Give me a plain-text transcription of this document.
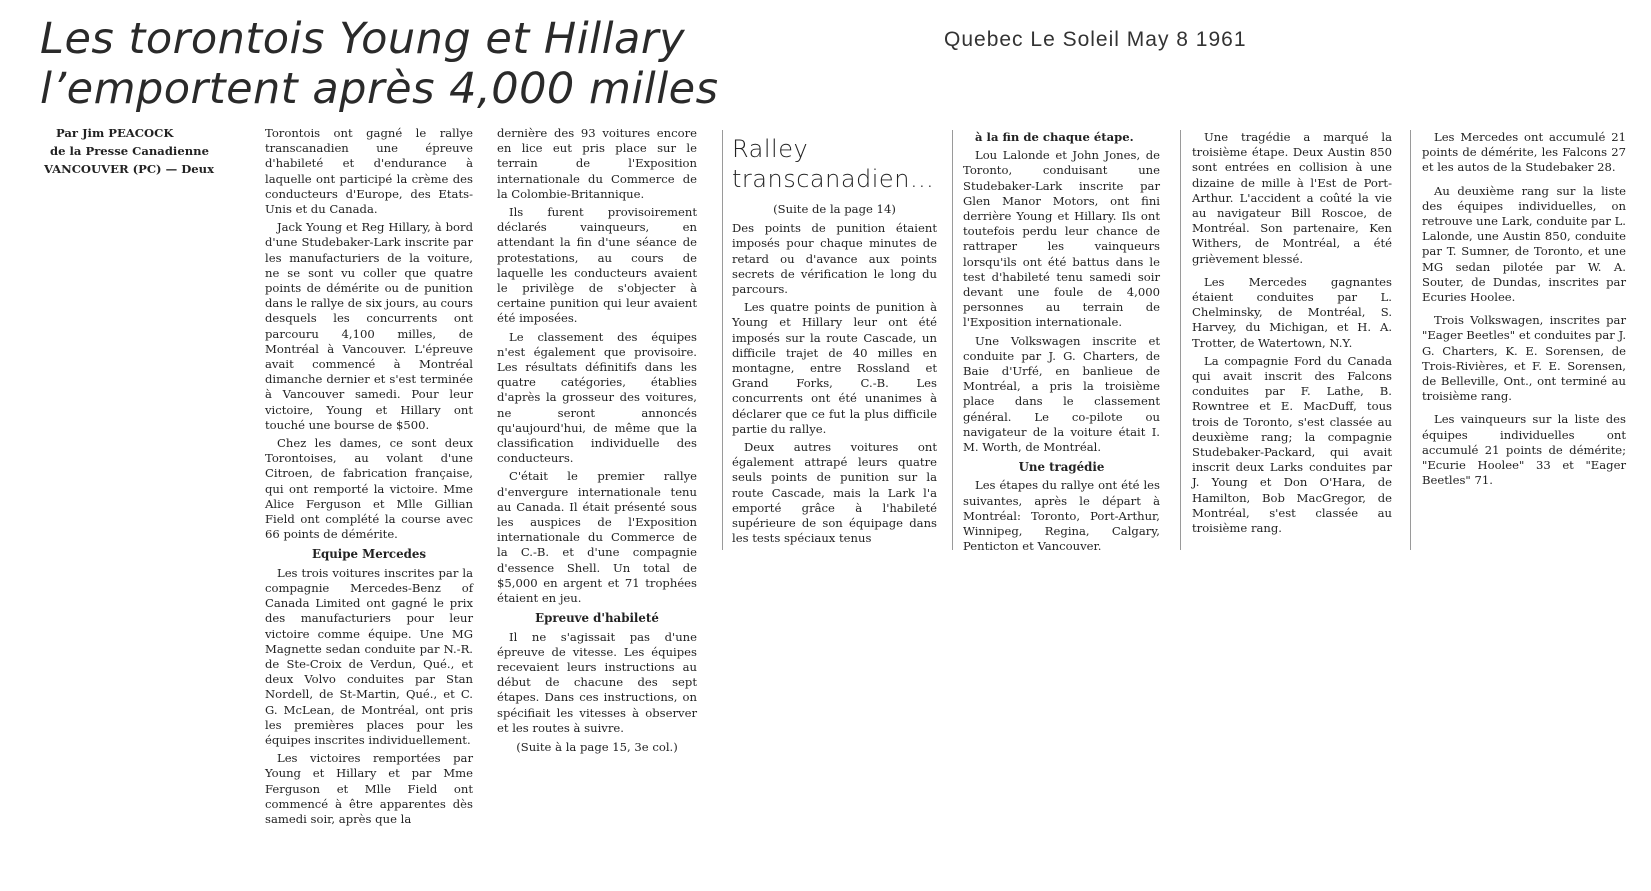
Les torontois Young et Hillary
l’emportent après 4,000 milles
Quebec Le Soleil May 8 1961

Par Jim PEACOCK

de la Presse Canadienne

VANCOUVER (PC) — Deux

Torontois ont gagné le rallye transcanadien une épreuve d'habileté et d'endurance à laquelle ont participé la crème des conducteurs d'Europe, des Etats-Unis et du Canada.

Jack Young et Reg Hillary, à bord d'une Studebaker-Lark inscrite par les manufacturiers de la voiture, ne se sont vu coller que quatre points de démérite ou de punition dans le rallye de six jours, au cours desquels les concurrents ont parcouru 4,100 milles, de Montréal à Vancouver. L'épreuve avait commencé à Montréal dimanche dernier et s'est terminée à Vancouver samedi. Pour leur victoire, Young et Hillary ont touché une bourse de $500.

Chez les dames, ce sont deux Torontoises, au volant d'une Citroen, de fabrication française, qui ont remporté la victoire. Mme Alice Ferguson et Mlle Gillian Field ont complété la course avec 66 points de démérite.

Equipe Mercedes

Les trois voitures inscrites par la compagnie Mercedes-Benz of Canada Limited ont gagné le prix des manufacturiers pour leur victoire comme équipe. Une MG Magnette sedan conduite par N.-R. de Ste-Croix de Verdun, Qué., et deux Volvo conduites par Stan Nordell, de St-Martin, Qué., et C. G. McLean, de Montréal, ont pris les premières places pour les équipes inscrites individuellement.

Les victoires remportées par Young et Hillary et par Mme Ferguson et Mlle Field ont commencé à être apparentes dès samedi soir, après que la

dernière des 93 voitures encore en lice eut pris place sur le terrain de l'Exposition internationale du Commerce de la Colombie-Britannique.

Ils furent provisoirement déclarés vainqueurs, en attendant la fin d'une séance de protestations, au cours de laquelle les conducteurs avaient le privilège de s'objecter à certaine punition qui leur avaient été imposées.

Le classement des équipes n'est également que provisoire. Les résultats définitifs dans les quatre catégories, établies d'après la grosseur des voitures, ne seront annoncés qu'aujourd'hui, de même que la classification individuelle des conducteurs.

C'était le premier rallye d'envergure internationale tenu au Canada. Il était présenté sous les auspices de l'Exposition internationale du Commerce de la C.-B. et d'une compagnie d'essence Shell. Un total de $5,000 en argent et 71 trophées étaient en jeu.

Epreuve d'habileté

Il ne s'agissait pas d'une épreuve de vitesse. Les équipes recevaient leurs instructions au début de chacune des sept étapes. Dans ces instructions, on spécifiait les vitesses à observer et les routes à suivre.

(Suite à la page 15, 3e col.)
Ralley
transcanadien…
(Suite de la page 14)

Des points de punition étaient imposés pour chaque minutes de retard ou d'avance aux points secrets de vérification le long du parcours.

Les quatre points de punition à Young et Hillary leur ont été imposés sur la route Cascade, un difficile trajet de 40 milles en montagne, entre Rossland et Grand Forks, C.-B. Les concurrents ont été unanimes à déclarer que ce fut la plus difficile partie du rallye.

Deux autres voitures ont également attrapé leurs quatre seuls points de punition sur la route Cascade, mais la Lark l'a emporté grâce à l'habileté supérieure de son équipage dans les tests spéciaux tenus

à la fin de chaque étape.

Lou Lalonde et John Jones, de Toronto, conduisant une Studebaker-Lark inscrite par Glen Manor Motors, ont fini derrière Young et Hillary. Ils ont toutefois perdu leur chance de rattraper les vainqueurs lorsqu'ils ont été battus dans le test d'habileté tenu samedi soir devant une foule de 4,000 personnes au terrain de l'Exposition internationale.

Une Volkswagen inscrite et conduite par J. G. Charters, de Baie d'Urfé, en banlieue de Montréal, a pris la troisième place dans le classement général. Le co-pilote ou navigateur de la voiture était I. M. Worth, de Montréal.

Une tragédie

Les étapes du rallye ont été les suivantes, après le départ à Montréal: Toronto, Port-Arthur, Winnipeg, Regina, Calgary, Penticton et Vancouver.

Une tragédie a marqué la troisième étape. Deux Austin 850 sont entrées en collision à une dizaine de mille à l'Est de Port-Arthur. L'accident a coûté la vie au navigateur Bill Roscoe, de Montréal. Son partenaire, Ken Withers, de Montréal, a été grièvement blessé.

Les Mercedes gagnantes étaient conduites par L. Chelminsky, de Montréal, S. Harvey, du Michigan, et H. A. Trotter, de Watertown, N.Y.

La compagnie Ford du Canada qui avait inscrit des Falcons conduites par F. Lathe, B. Rowntree et E. MacDuff, tous trois de Toronto, s'est classée au deuxième rang; la compagnie Studebaker-Packard, qui avait inscrit deux Larks conduites par J. Young et Don O'Hara, de Hamilton, Bob MacGregor, de Montréal, s'est classée au troisième rang.

Les Mercedes ont accumulé 21 points de démérite, les Falcons 27 et les autos de la Studebaker 28.

Au deuxième rang sur la liste des équipes individuelles, on retrouve une Lark, conduite par L. Lalonde, une Austin 850, conduite par T. Sumner, de Toronto, et une MG sedan pilotée par W. A. Souter, de Dundas, inscrites par Ecuries Hoolee.

Trois Volkswagen, inscrites par "Eager Beetles" et conduites par J. G. Charters, K. E. Sorensen, de Trois-Rivières, et F. E. Sorensen, de Belleville, Ont., ont terminé au troisième rang.

Les vainqueurs sur la liste des équipes individuelles ont accumulé 21 points de démérite; "Ecurie Hoolee" 33 et "Eager Beetles" 71.
